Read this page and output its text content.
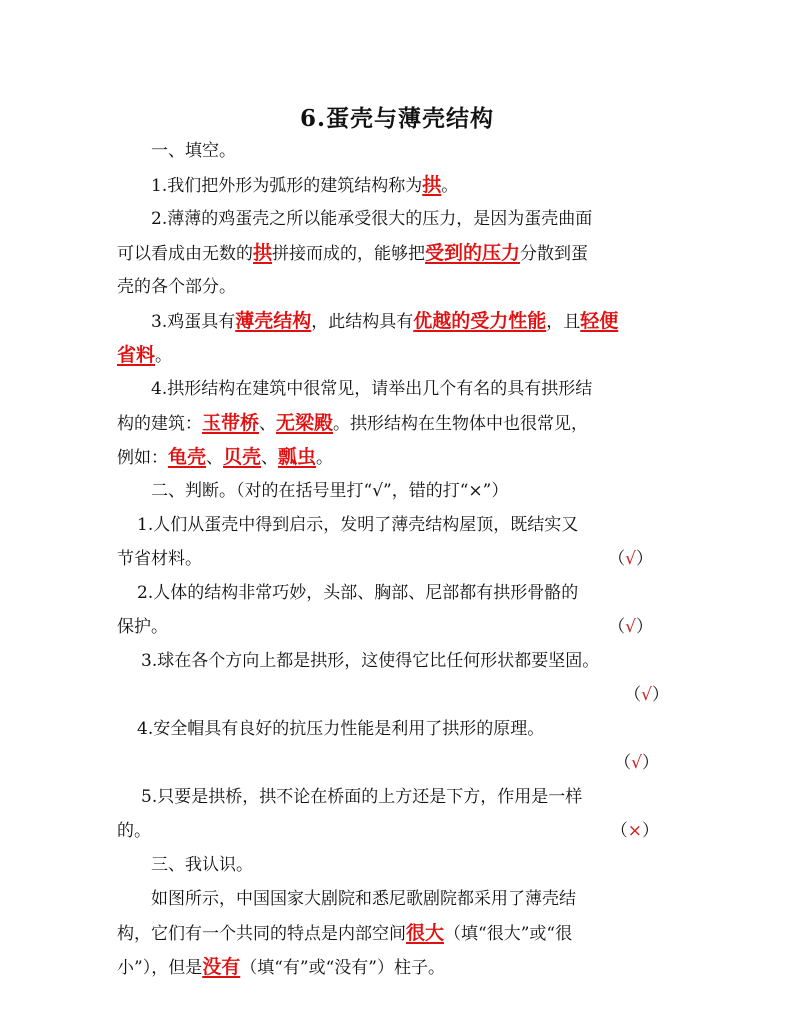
6.蛋壳与薄壳结构
一、填空。
1.我们把外形为弧形的建筑结构称为拱。
2.薄薄的鸡蛋壳之所以能承受很大的压力，是因为蛋壳曲面
可以看成由无数的拱拼接而成的，能够把受到的压力分散到蛋
壳的各个部分。
3.鸡蛋具有薄壳结构，此结构具有优越的受力性能，且轻便
省料。
4.拱形结构在建筑中很常见，请举出几个有名的具有拱形结
构的建筑：玉带桥、无梁殿。拱形结构在生物体中也很常见，
例如：龟壳、贝壳、瓢虫。
二、判断。（对的在括号里打“√”，错的打“×”）
1.人们从蛋壳中得到启示，发明了薄壳结构屋顶，既结实又
节省材料。	（√）
2.人体的结构非常巧妙，头部、胸部、尼部都有拱形骨骼的
保护。	（√）
3.球在各个方向上都是拱形，这使得它比任何形状都要坚固。
（√）
4.安全帽具有良好的抗压力性能是利用了拱形的原理。
（√）
5.只要是拱桥，拱不论在桥面的上方还是下方，作用是一样
的。	（×）
三、我认识。
如图所示，中国国家大剧院和悉尼歌剧院都采用了薄壳结
构，它们有一个共同的特点是内部空间很大（填“很大”或“很
小”），但是没有（填“有”或“没有”）柱子。
